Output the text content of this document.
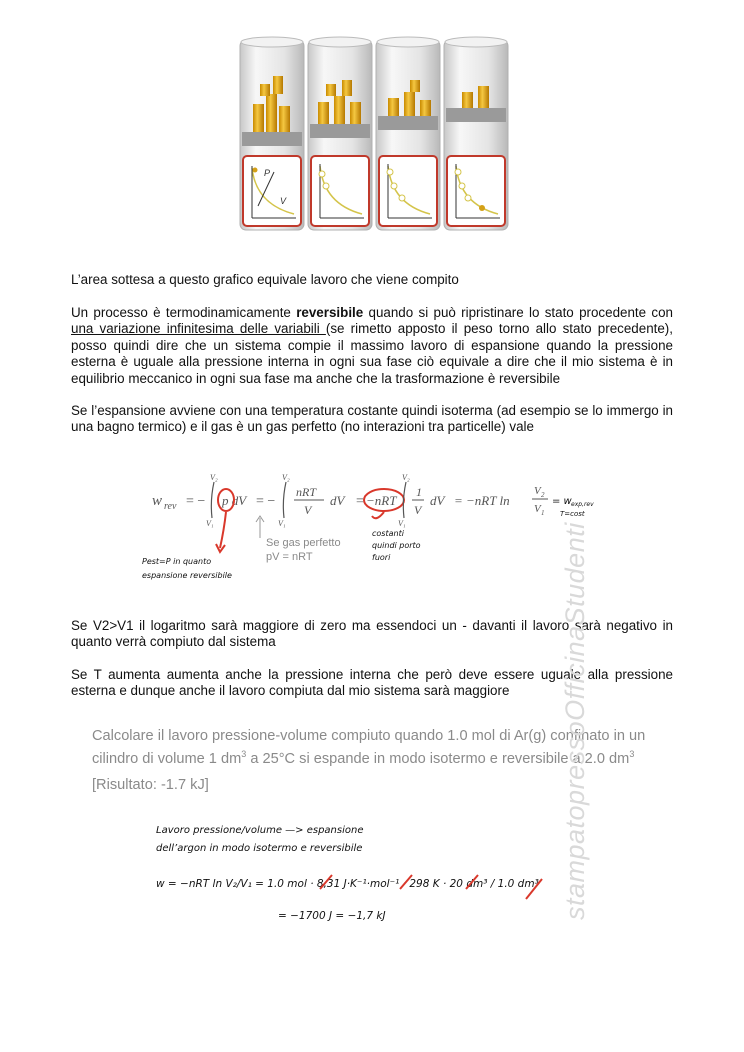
P
V
L’area sottesa a questo grafico equivale lavoro che viene compito
Un processo è termodinamicamente reversibile quando si può ripristinare lo stato procedente con una variazione infinitesima delle variabili (se rimetto apposto il peso torno allo stato precedente), posso quindi dire che un sistema compie il massimo lavoro di espansione quando la pressione esterna è uguale alla pressione interna in ogni sua fase ciò equivale a dire che il mio sistema è in equilibrio meccanico in ogni sua fase ma anche che la trasformazione è reversibile
Se l’espansione avviene con una temperatura costante quindi isoterma (ad esempio se lo immergo in una bagno termico) e il gas è un gas perfetto (no interazioni tra particelle) vale
w rev = −
V₂
V₁
p dV = −
V₂
V₁
nRT
V
dV = −nRT
V₂
V₁
1
V
dV = −nRT ln
V 2
V 1
= w exp,rev
T=cost
Se gas perfetto
pV = nRT
Pest=P in quanto
espansione reversibile
costanti
quindi porto
fuori
Se V2>V1 il logaritmo sarà maggiore di zero ma essendoci un - davanti il lavoro sarà negativo in quanto verrà compiuto dal sistema
Se T aumenta aumenta anche la pressione interna che però deve essere uguale alla pressione esterna e dunque anche il lavoro compiuta dal mio sistema sarà maggiore
Calcolare il lavoro pressione-volume compiuto quando 1.0 mol di Ar(g) confinato in un cilindro di volume 1 $dm^3$ a 25°C si espande in modo isotermo e reversibile a 2.0 $dm^3$
[Risultato: -1.7 kJ]
Lavoro pressione/volume —> espansione
dell’argon in modo isotermo e reversibile
w = −nRT ln V₂/V₁ = 1.0 mol · 8,31 J·K⁻¹·mol⁻¹ · 298 K · 20 dm³ / 1.0 dm³
= −1700 J = −1,7 kJ	stampatopressoOfficinaStudenti
